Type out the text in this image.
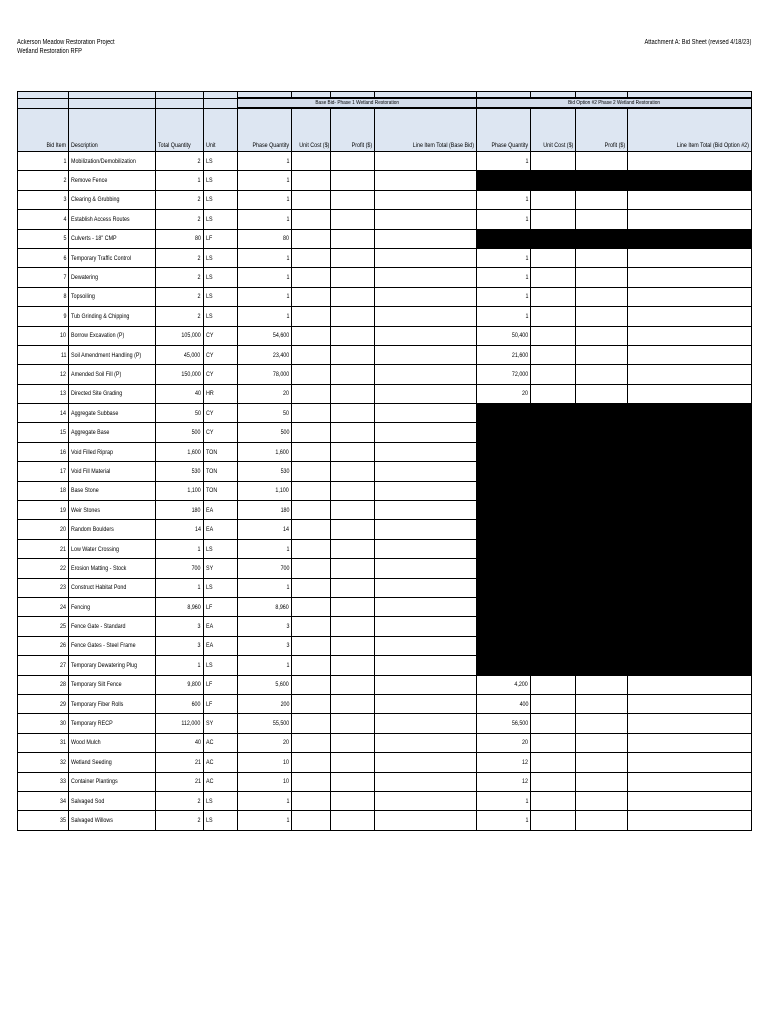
Ackerson Meadow Restoration Project
Wetland Restoration RFP
Attachment A: Bid Sheet (revised 4/18/23)

				Base Bid- Phase 1 Wetland Restoration				Bid Option #2 Phase 2 Wetland Restoration			
Bid Item	Description	Total Quantity	Unit	Phase Quantity	Unit Cost ($)	Profit ($)	Line Item Total (Base Bid)	Phase Quantity	Unit Cost ($)	Profit ($)	Line Item Total (Bid Option #2)
1	Mobilization/Demobilization	2	LS	1				1			
2	Remove Fence	1	LS	1							
3	Clearing & Grubbing	2	LS	1				1			
4	Establish Access Routes	2	LS	1				1			
5	Culverts - 18" CMP	80	LF	80							
6	Temporary Traffic Control	2	LS	1				1			
7	Dewatering	2	LS	1				1			
8	Topsoiling	2	LS	1				1			
9	Tub Grinding & Chipping	2	LS	1				1			
10	Borrow Excavation (P)	105,000	CY	54,600				50,400			
11	Soil Amendment Handling (P)	45,000	CY	23,400				21,600			
12	Amended Soil Fill (P)	150,000	CY	78,000				72,000			
13	Directed Site Grading	40	HR	20				20			
14	Aggregate Subbase	50	CY	50							
15	Aggregate Base	500	CY	500							
16	Void Filled Riprap	1,600	TON	1,600							
17	Void Fill Material	530	TON	530							
18	Base Stone	1,100	TON	1,100							
19	Weir Stones	180	EA	180							
20	Random Boulders	14	EA	14							
21	Low Water Crossing	1	LS	1							
22	Erosion Matting - Stock	700	SY	700							
23	Construct Habitat Pond	1	LS	1							
24	Fencing	8,960	LF	8,960							
25	Fence Gate - Standard	3	EA	3							
26	Fence Gates - Steel Frame	3	EA	3							
27	Temporary Dewatering Plug	1	LS	1							
28	Temporary Silt Fence	9,800	LF	5,600				4,200			
29	Temporary Fiber Rolls	600	LF	200				400			
30	Temporary RECP	112,000	SY	55,500				56,500			
31	Wood Mulch	40	AC	20				20			
32	Wetland Seeding	21	AC	10				12			
33	Container Plantings	21	AC	10				12			
34	Salvaged Sod	2	LS	1				1			
35	Salvaged Willows	2	LS	1				1			
